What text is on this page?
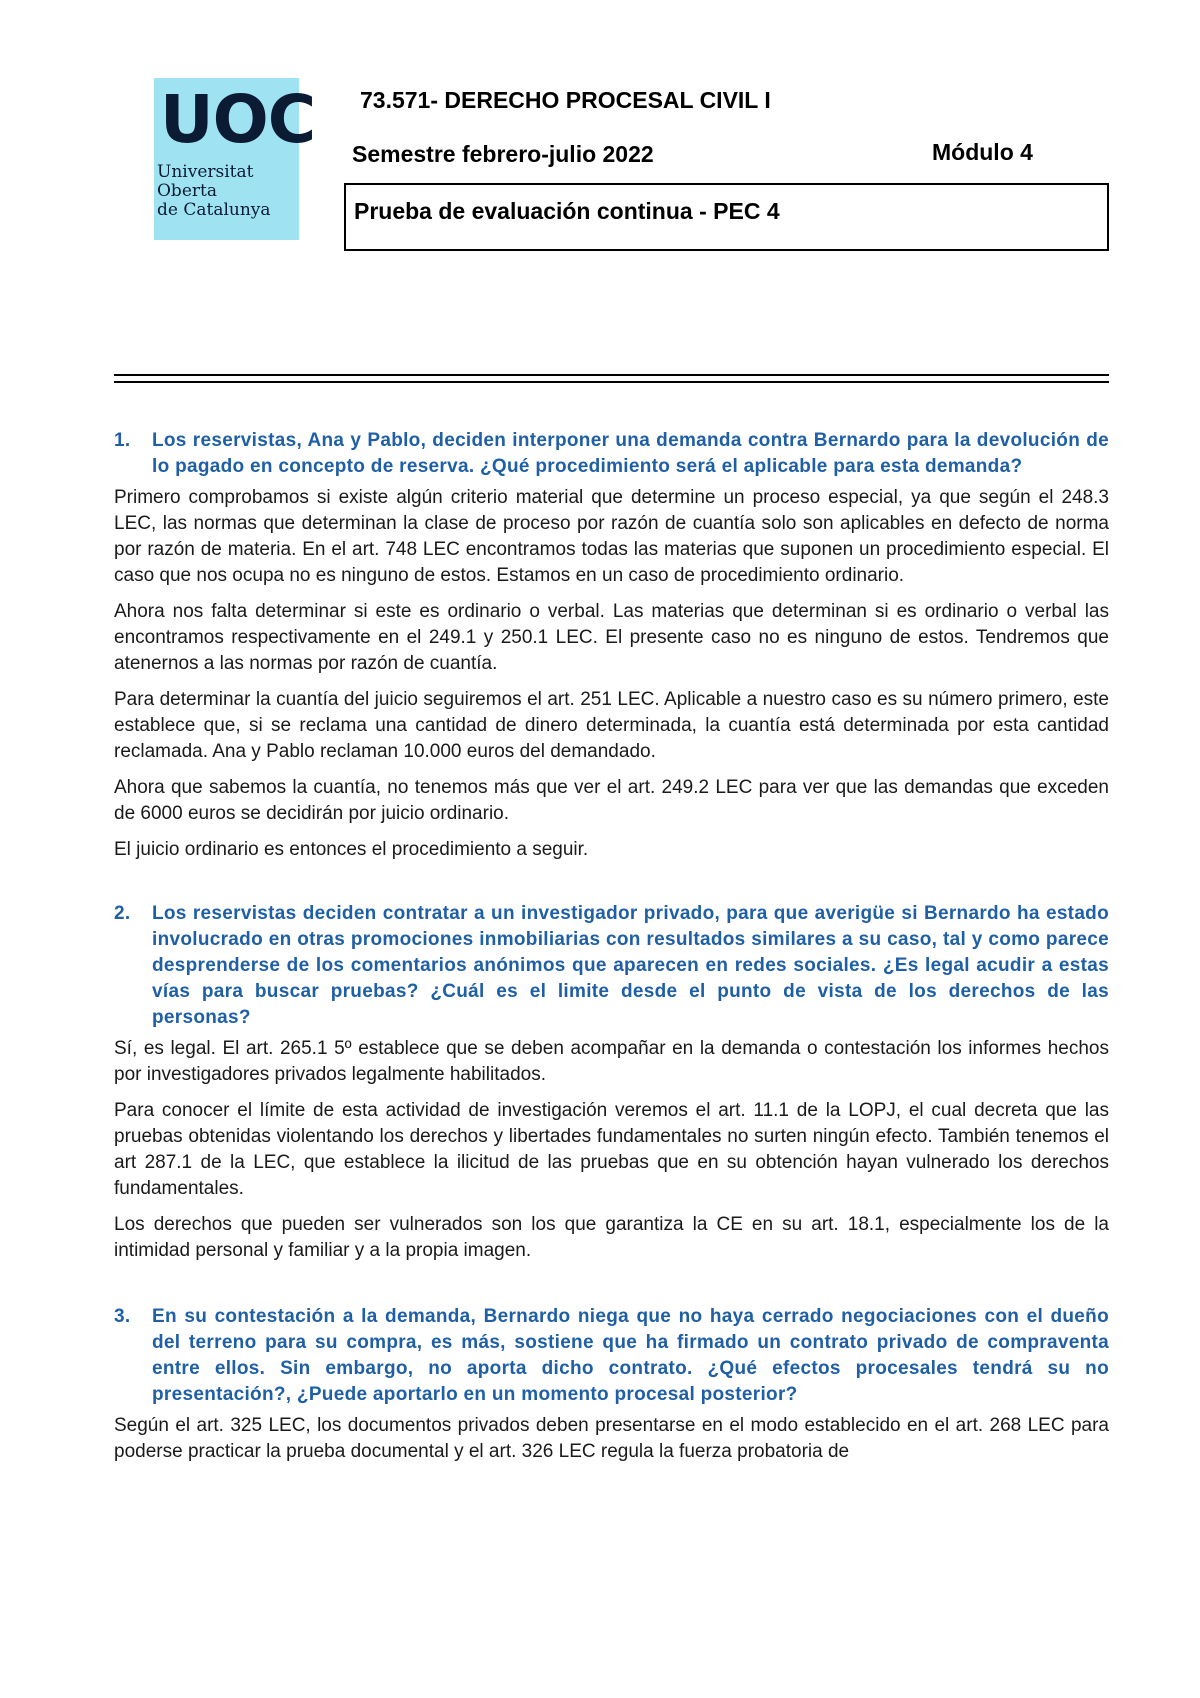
UOC
Universitat
Oberta
de Catalunya
73.571- DERECHO PROCESAL CIVIL I
Semestre febrero-julio 2022	Módulo 4
Prueba de evaluación continua - PEC 4
1.	Los reservistas, Ana y Pablo, deciden interponer una demanda contra Bernardo para la devolución de lo pagado en concepto de reserva. ¿Qué procedimiento será el aplicable para esta demanda?

Primero comprobamos si existe algún criterio material que determine un proceso especial, ya que según el 248.3 LEC, las normas que determinan la clase de proceso por razón de cuantía solo son aplicables en defecto de norma por razón de materia. En el art. 748 LEC encontramos todas las materias que suponen un procedimiento especial. El caso que nos ocupa no es ninguno de estos. Estamos en un caso de procedimiento ordinario.

Ahora nos falta determinar si este es ordinario o verbal. Las materias que determinan si es ordinario o verbal las encontramos respectivamente en el 249.1 y 250.1 LEC. El presente caso no es ninguno de estos. Tendremos que atenernos a las normas por razón de cuantía.

Para determinar la cuantía del juicio seguiremos el art. 251 LEC. Aplicable a nuestro caso es su número primero, este establece que, si se reclama una cantidad de dinero determinada, la cuantía está determinada por esta cantidad reclamada. Ana y Pablo reclaman 10.000 euros del demandado.

Ahora que sabemos la cuantía, no tenemos más que ver el art. 249.2 LEC para ver que las demandas que exceden de 6000 euros se decidirán por juicio ordinario.

El juicio ordinario es entonces el procedimiento a seguir.

2.	Los reservistas deciden contratar a un investigador privado, para que averigüe si Bernardo ha estado involucrado en otras promociones inmobiliarias con resultados similares a su caso, tal y como parece desprenderse de los comentarios anónimos que aparecen en redes sociales. ¿Es legal acudir a estas vías para buscar pruebas? ¿Cuál es el limite desde el punto de vista de los derechos de las personas?

Sí, es legal. El art. 265.1 5º establece que se deben acompañar en la demanda o contestación los informes hechos por investigadores privados legalmente habilitados.

Para conocer el límite de esta actividad de investigación veremos el art. 11.1 de la LOPJ, el cual decreta que las pruebas obtenidas violentando los derechos y libertades fundamentales no surten ningún efecto. También tenemos el art 287.1 de la LEC, que establece la ilicitud de las pruebas que en su obtención hayan vulnerado los derechos fundamentales.

Los derechos que pueden ser vulnerados son los que garantiza la CE en su art. 18.1, especialmente los de la intimidad personal y familiar y a la propia imagen.

3.	En su contestación a la demanda, Bernardo niega que no haya cerrado negociaciones con el dueño del terreno para su compra, es más, sostiene que ha firmado un contrato privado de compraventa entre ellos. Sin embargo, no aporta dicho contrato. ¿Qué efectos procesales tendrá su no presentación?, ¿Puede aportarlo en un momento procesal posterior?

Según el art. 325 LEC, los documentos privados deben presentarse en el modo establecido en el art. 268 LEC para poderse practicar la prueba documental y el art. 326 LEC regula la fuerza probatoria de
